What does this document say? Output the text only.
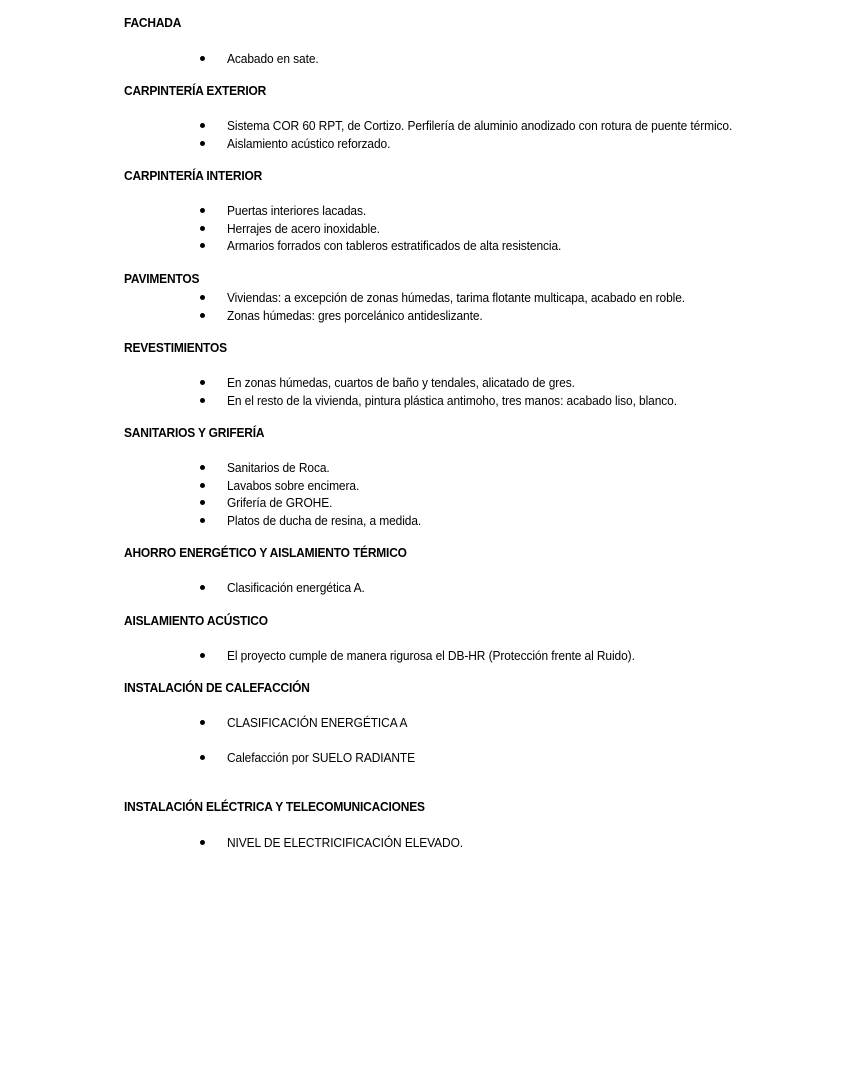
FACHADA
Acabado en sate.
CARPINTERÍA EXTERIOR
Sistema COR 60 RPT, de Cortizo. Perfilería de aluminio anodizado con rotura de puente térmico.
Aislamiento acústico reforzado.
CARPINTERÍA INTERIOR
Puertas interiores lacadas.
Herrajes de acero inoxidable.
Armarios forrados con tableros estratificados de alta resistencia.
PAVIMENTOS
Viviendas: a excepción de zonas húmedas, tarima flotante multicapa, acabado en roble.
Zonas húmedas: gres porcelánico antideslizante.
REVESTIMIENTOS
En zonas húmedas, cuartos de baño y tendales, alicatado de gres.
En el resto de la vivienda, pintura plástica antimoho, tres manos: acabado liso, blanco.
SANITARIOS Y GRIFERÍA
Sanitarios de Roca.
Lavabos sobre encimera.
Grifería de GROHE.
Platos de ducha de resina, a medida.
AHORRO ENERGÉTICO Y AISLAMIENTO TÉRMICO
Clasificación energética A.
AISLAMIENTO ACÚSTICO
El proyecto cumple de manera rigurosa el DB-HR (Protección frente al Ruido).
INSTALACIÓN DE CALEFACCIÓN
CLASIFICACIÓN ENERGÉTICA A
Calefacción por SUELO RADIANTE
INSTALACIÓN ELÉCTRICA Y TELECOMUNICACIONES
NIVEL DE ELECTRICIFICACIÓN ELEVADO.
